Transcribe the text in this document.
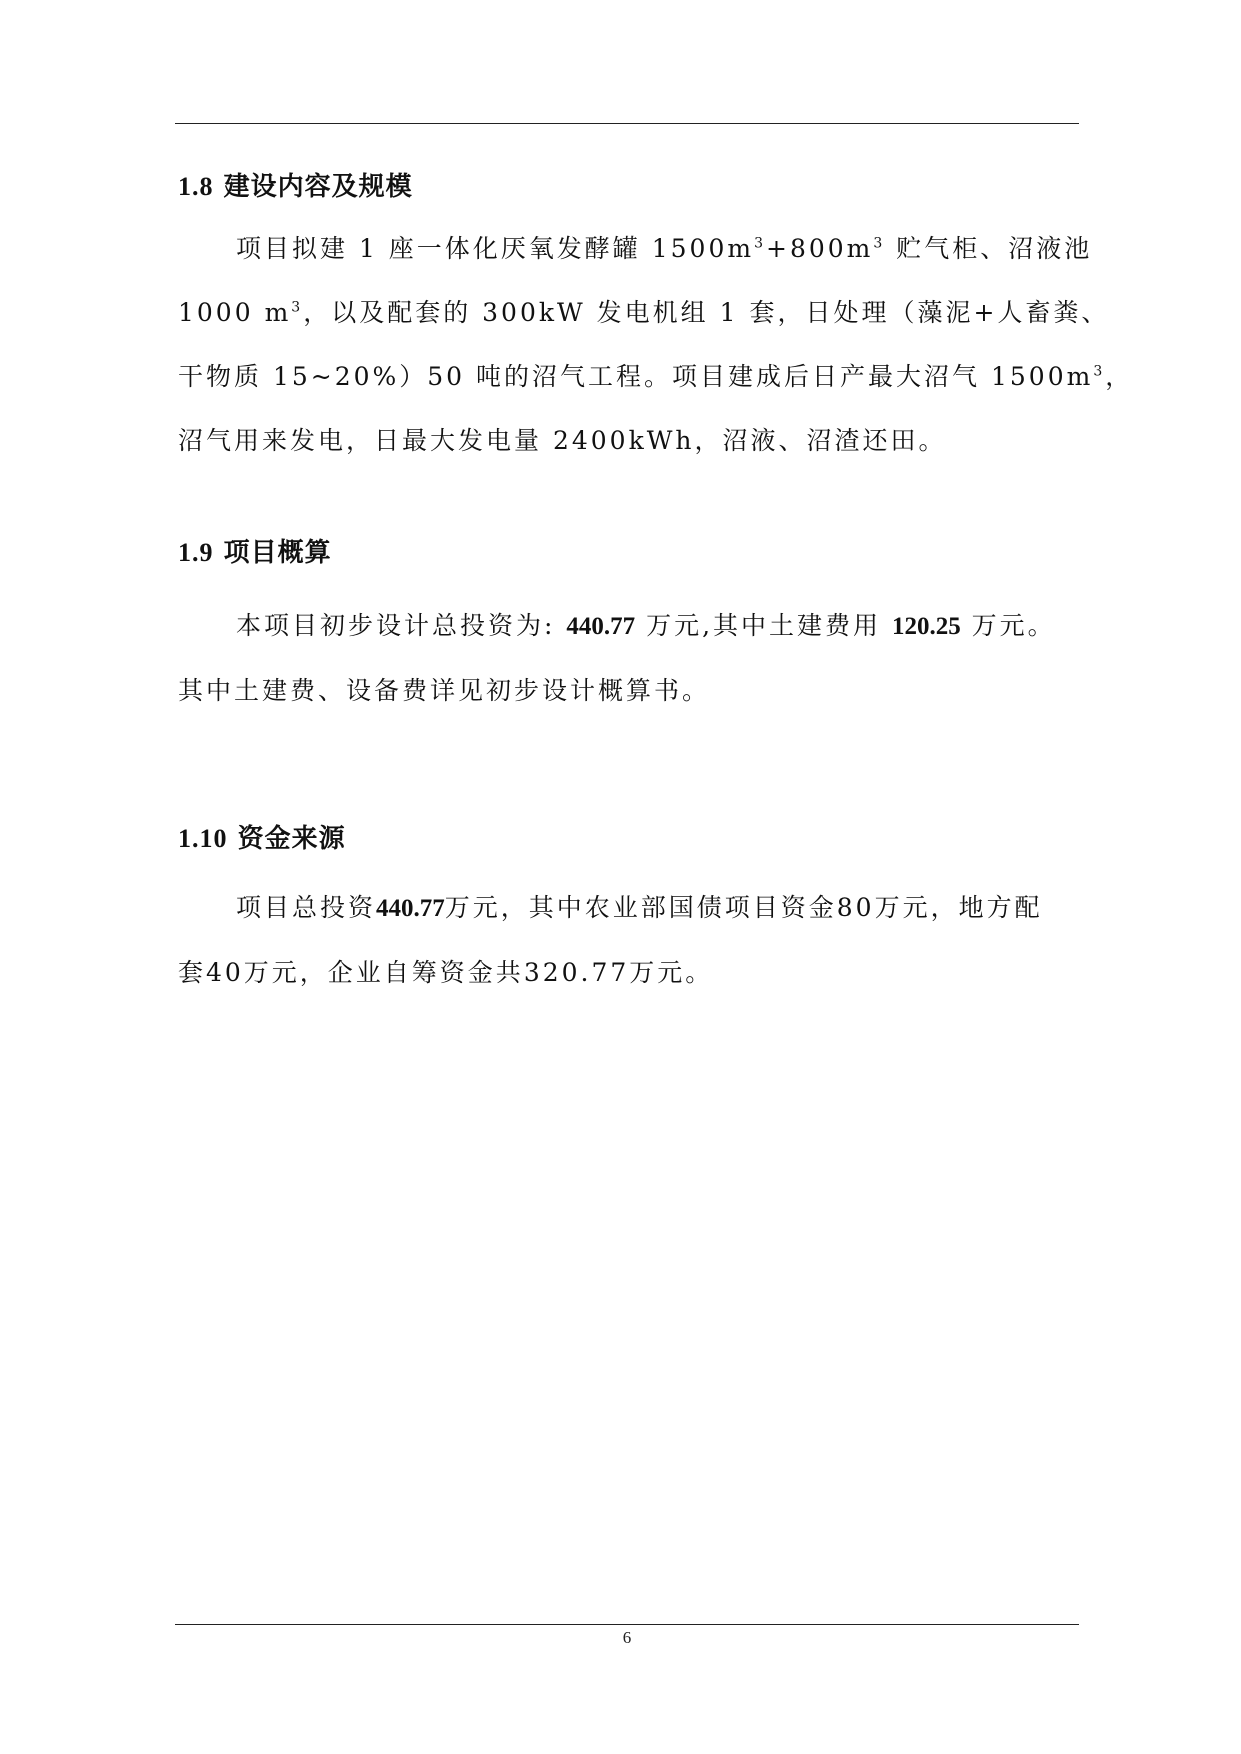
1.8 建设内容及规模
项目拟建 1 座一体化厌氧发酵罐 $1500m^3+800m^3$ 贮气柜、沼液池
1000 $m^3$，以及配套的 300kW 发电机组 1 套，日处理（藻泥+人畜粪、
干物质 15~20%）50 吨的沼气工程。项目建成后日产最大沼气 $1500m^3$，
沼气用来发电，日最大发电量 2400kWh，沼液、沼渣还田。
1.9 项目概算
本项目初步设计总投资为: 440.77 万元,其中土建费用 120.25 万元。
其中土建费、设备费详见初步设计概算书。
1.10 资金来源
项目总投资440.77万元，其中农业部国债项目资金80万元，地方配
套40万元，企业自筹资金共320.77万元。
6
